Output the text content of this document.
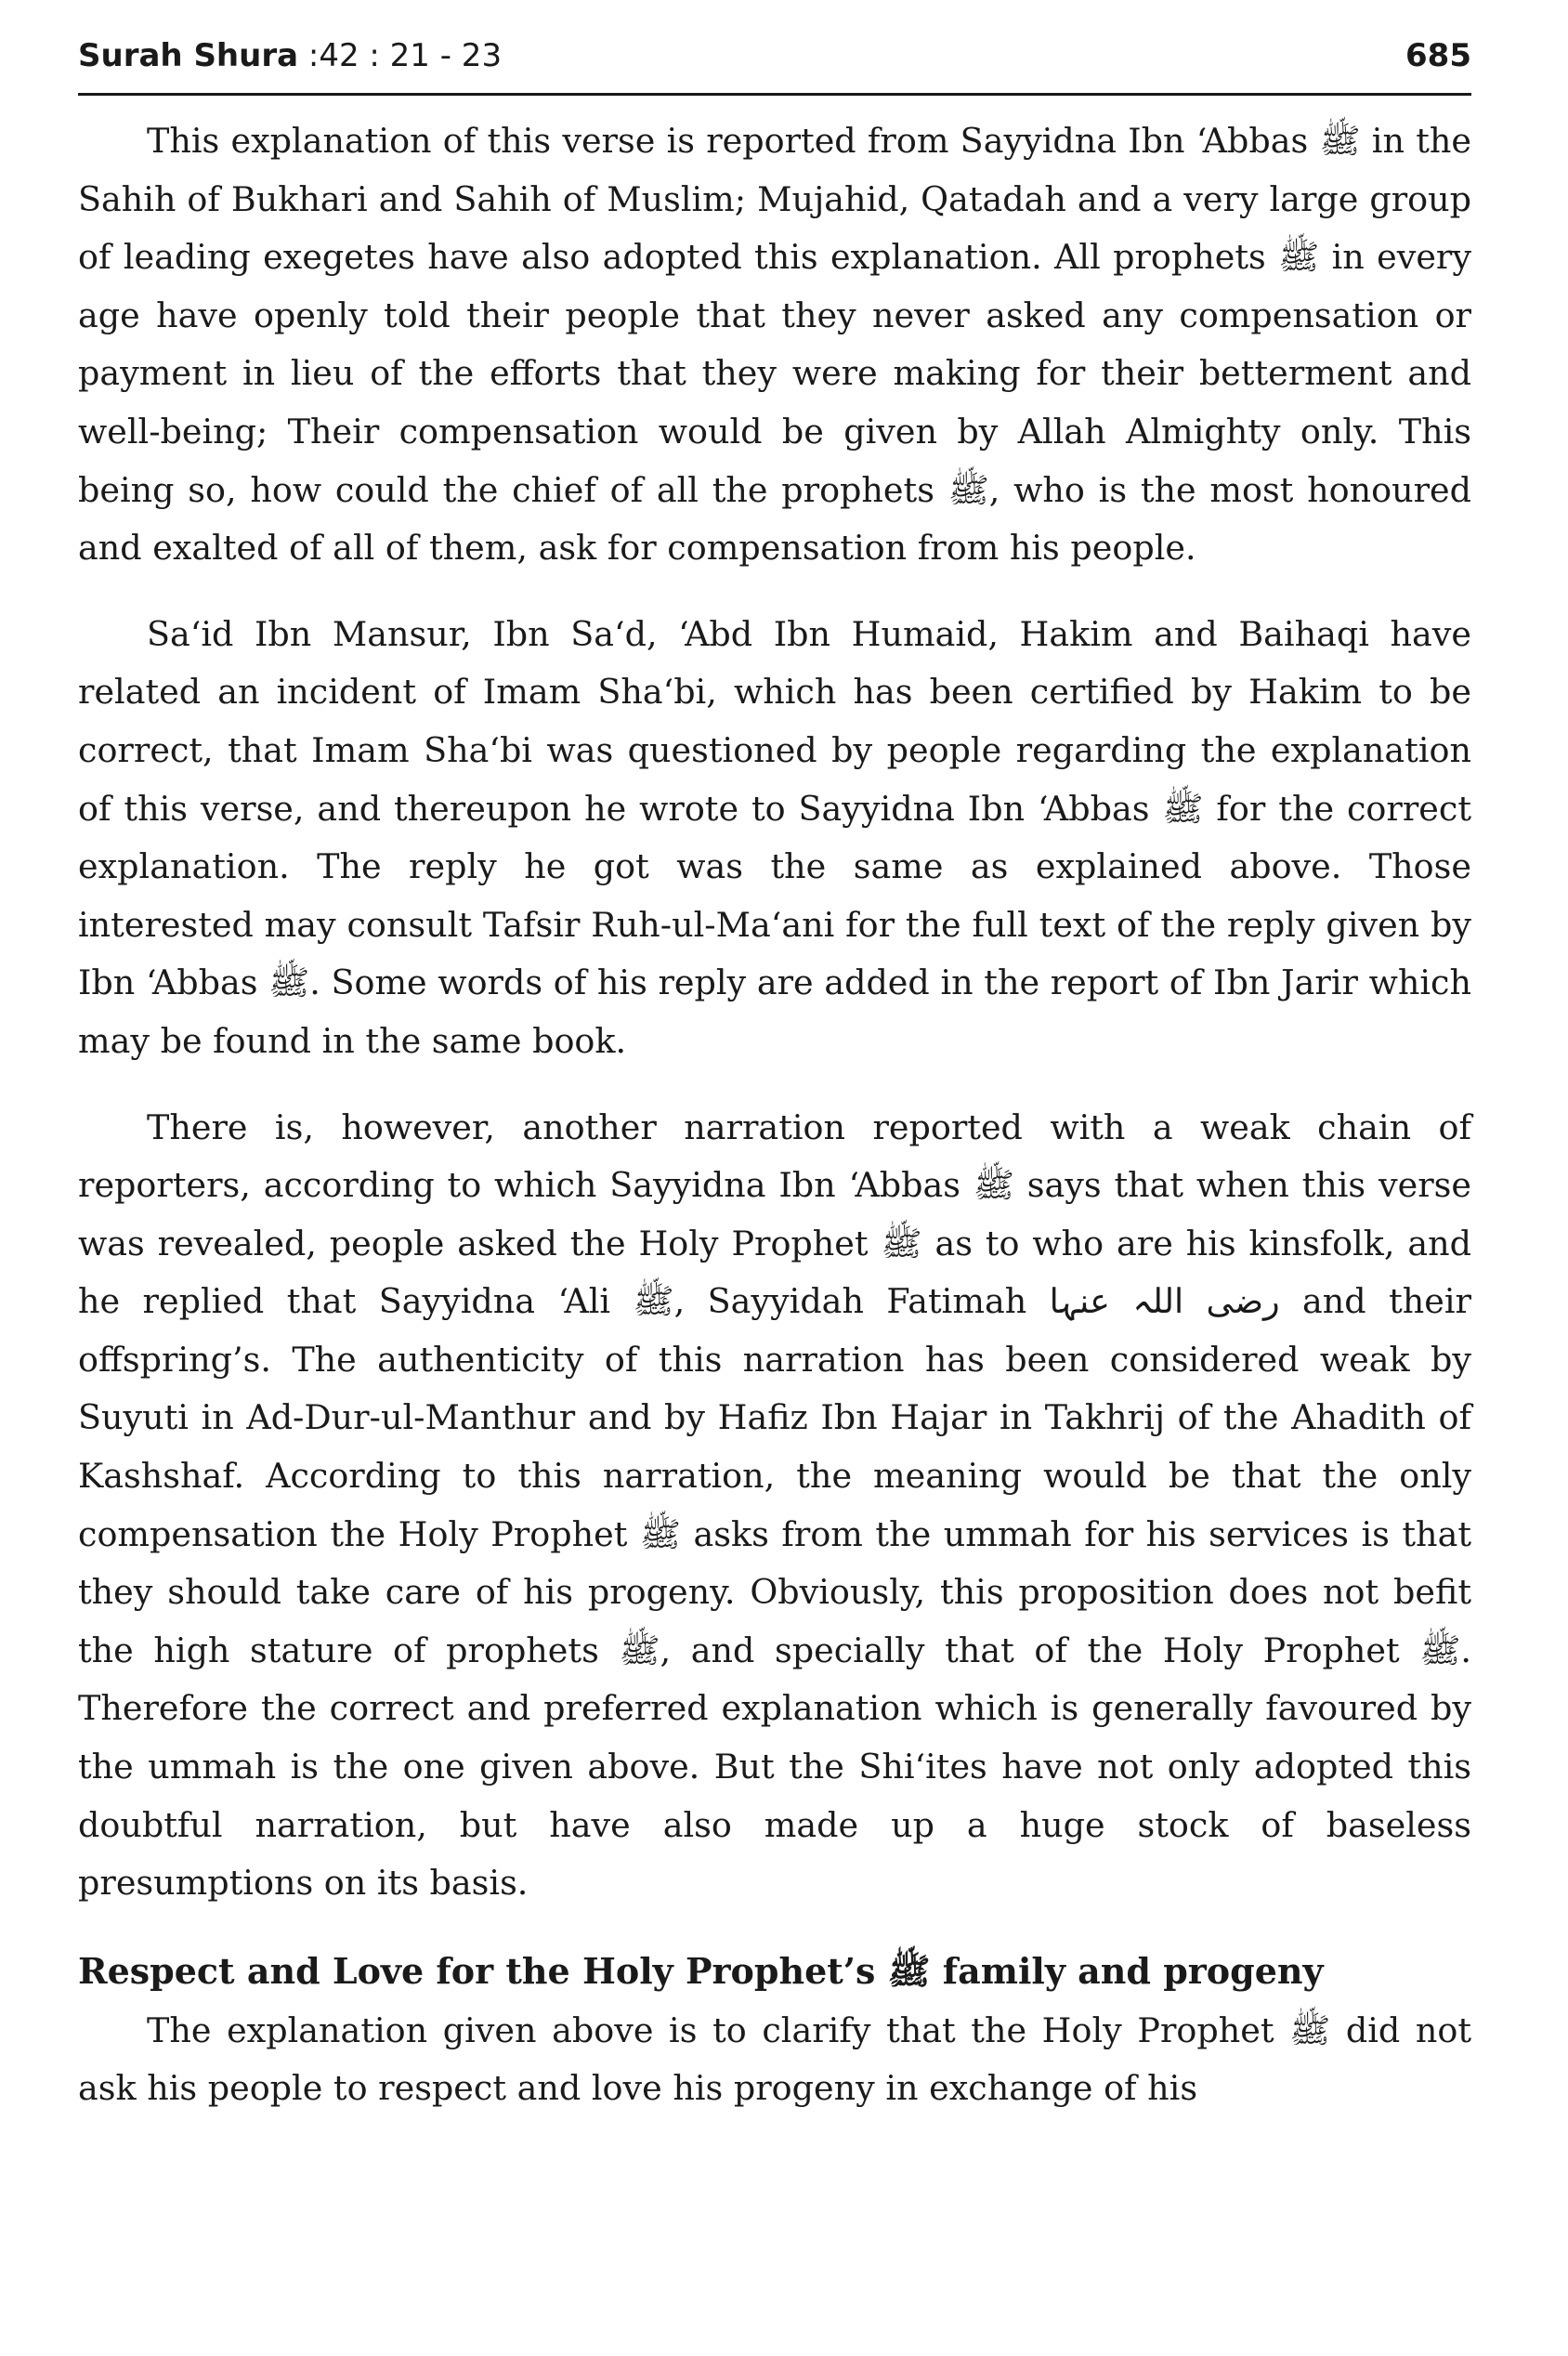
Surah Shura :42 : 21 - 23	685

This explanation of this verse is reported from Sayyidna Ibn ‘Abbas ﷺ in the Sahih of Bukhari and Sahih of Muslim; Mujahid, Qatadah and a very large group of leading exegetes have also adopted this explanation. All prophets ﷺ in every age have openly told their people that they never asked any compensation or payment in lieu of the efforts that they were making for their betterment and well-being; Their compensation would be given by Allah Almighty only. This being so, how could the chief of all the prophets ﷺ, who is the most honoured and exalted of all of them, ask for compensation from his people.

Sa‘id Ibn Mansur, Ibn Sa‘d, ‘Abd Ibn Humaid, Hakim and Baihaqi have related an incident of Imam Sha‘bi, which has been certified by Hakim to be correct, that Imam Sha‘bi was questioned by people regarding the explanation of this verse, and thereupon he wrote to Sayyidna Ibn ‘Abbas ﷺ for the correct explanation. The reply he got was the same as explained above. Those interested may consult Tafsir Ruh-ul-Ma‘ani for the full text of the reply given by Ibn ‘Abbas ﷺ. Some words of his reply are added in the report of Ibn Jarir which may be found in the same book.

There is, however, another narration reported with a weak chain of reporters, according to which Sayyidna Ibn ‘Abbas ﷺ says that when this verse was revealed, people asked the Holy Prophet ﷺ as to who are his kinsfolk, and he replied that Sayyidna ‘Ali ﷺ, Sayyidah Fatimah رضی اللہ عنہا and their offspring’s. The authenticity of this narration has been considered weak by Suyuti in Ad-Dur-ul-Manthur and by Hafiz Ibn Hajar in Takhrij of the Ahadith of Kashshaf. According to this narration, the meaning would be that the only compensation the Holy Prophet ﷺ asks from the ummah for his services is that they should take care of his progeny. Obviously, this proposition does not befit the high stature of prophets ﷺ, and specially that of the Holy Prophet ﷺ. Therefore the correct and preferred explanation which is generally favoured by the ummah is the one given above. But the Shi‘ites have not only adopted this doubtful narration, but have also made up a huge stock of baseless presumptions on its basis.

Respect and Love for the Holy Prophet’s ﷺ family and progeny

The explanation given above is to clarify that the Holy Prophet ﷺ did not ask his people to respect and love his progeny in exchange of his
